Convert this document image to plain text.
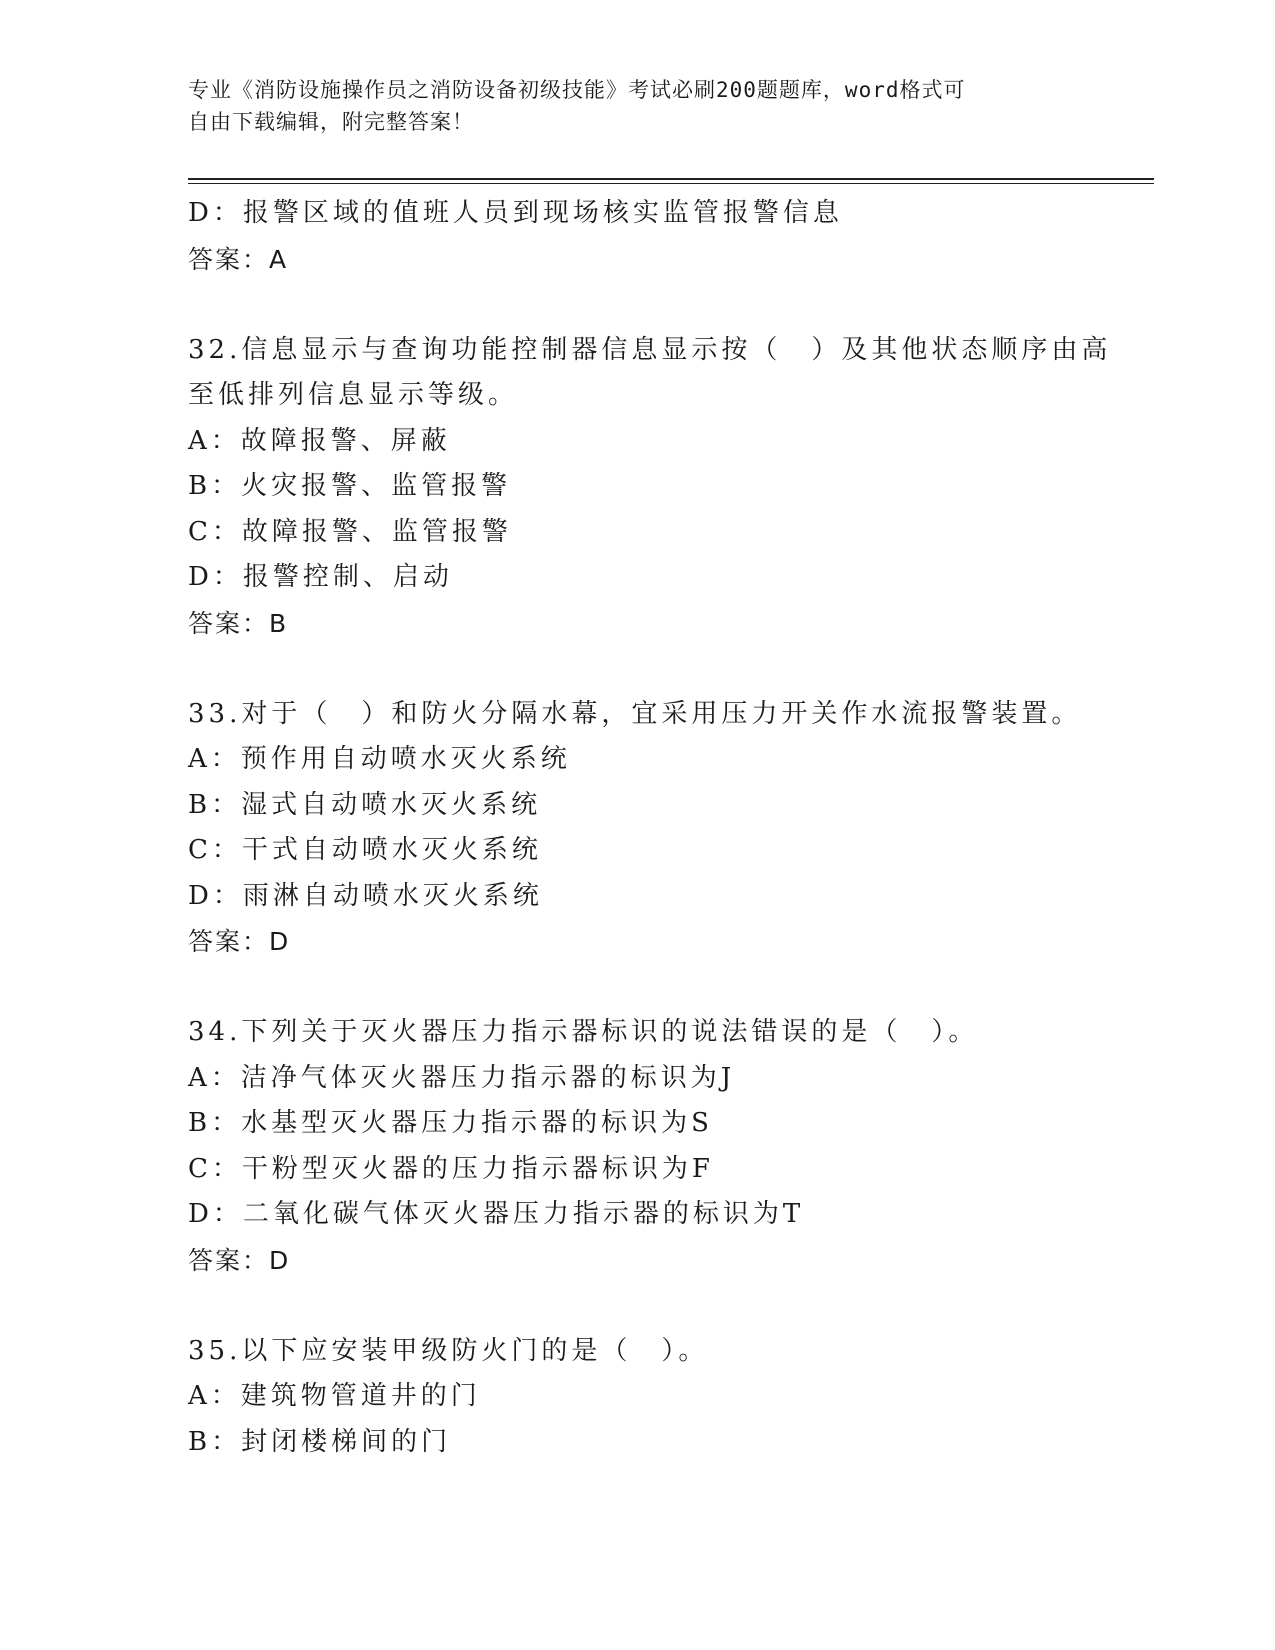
专业《消防设施操作员之消防设备初级技能》考试必刷200题题库，word格式可
自由下载编辑，附完整答案！
D：报警区域的值班人员到现场核实监管报警信息
答案：A
32.信息显示与查询功能控制器信息显示按（　）及其他状态顺序由高
至低排列信息显示等级。
A：故障报警、屏蔽
B：火灾报警、监管报警
C：故障报警、监管报警
D：报警控制、启动
答案：B
33.对于（　）和防火分隔水幕，宜采用压力开关作水流报警装置。
A：预作用自动喷水灭火系统
B：湿式自动喷水灭火系统
C：干式自动喷水灭火系统
D：雨淋自动喷水灭火系统
答案：D
34.下列关于灭火器压力指示器标识的说法错误的是（　）。
A：洁净气体灭火器压力指示器的标识为J
B：水基型灭火器压力指示器的标识为S
C：干粉型灭火器的压力指示器标识为F
D：二氧化碳气体灭火器压力指示器的标识为T
答案：D
35.以下应安装甲级防火门的是（　）。
A：建筑物管道井的门
B：封闭楼梯间的门
